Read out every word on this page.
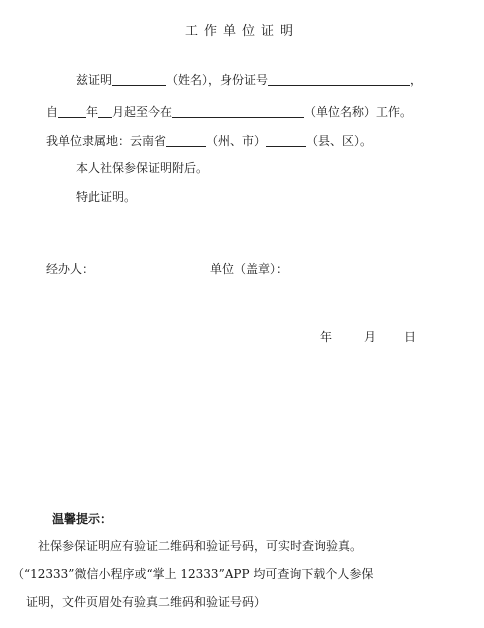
工作单位证明
兹证明	（姓名），身份证号	，
自 年 月起至今在	（单位名称）工作。
我单位隶属地：云南省	（州、市）	（县、区）。
本人社保参保证明附后。
特此证明。
经办人：	单位（盖章）：
年	月 日
温馨提示：
社保参保证明应有验证二维码和验证号码，可实时查询验真。
（“12333”微信小程序或“掌上 12333”APP 均可查询下载个人参保
证明，文件页眉处有验真二维码和验证号码）
